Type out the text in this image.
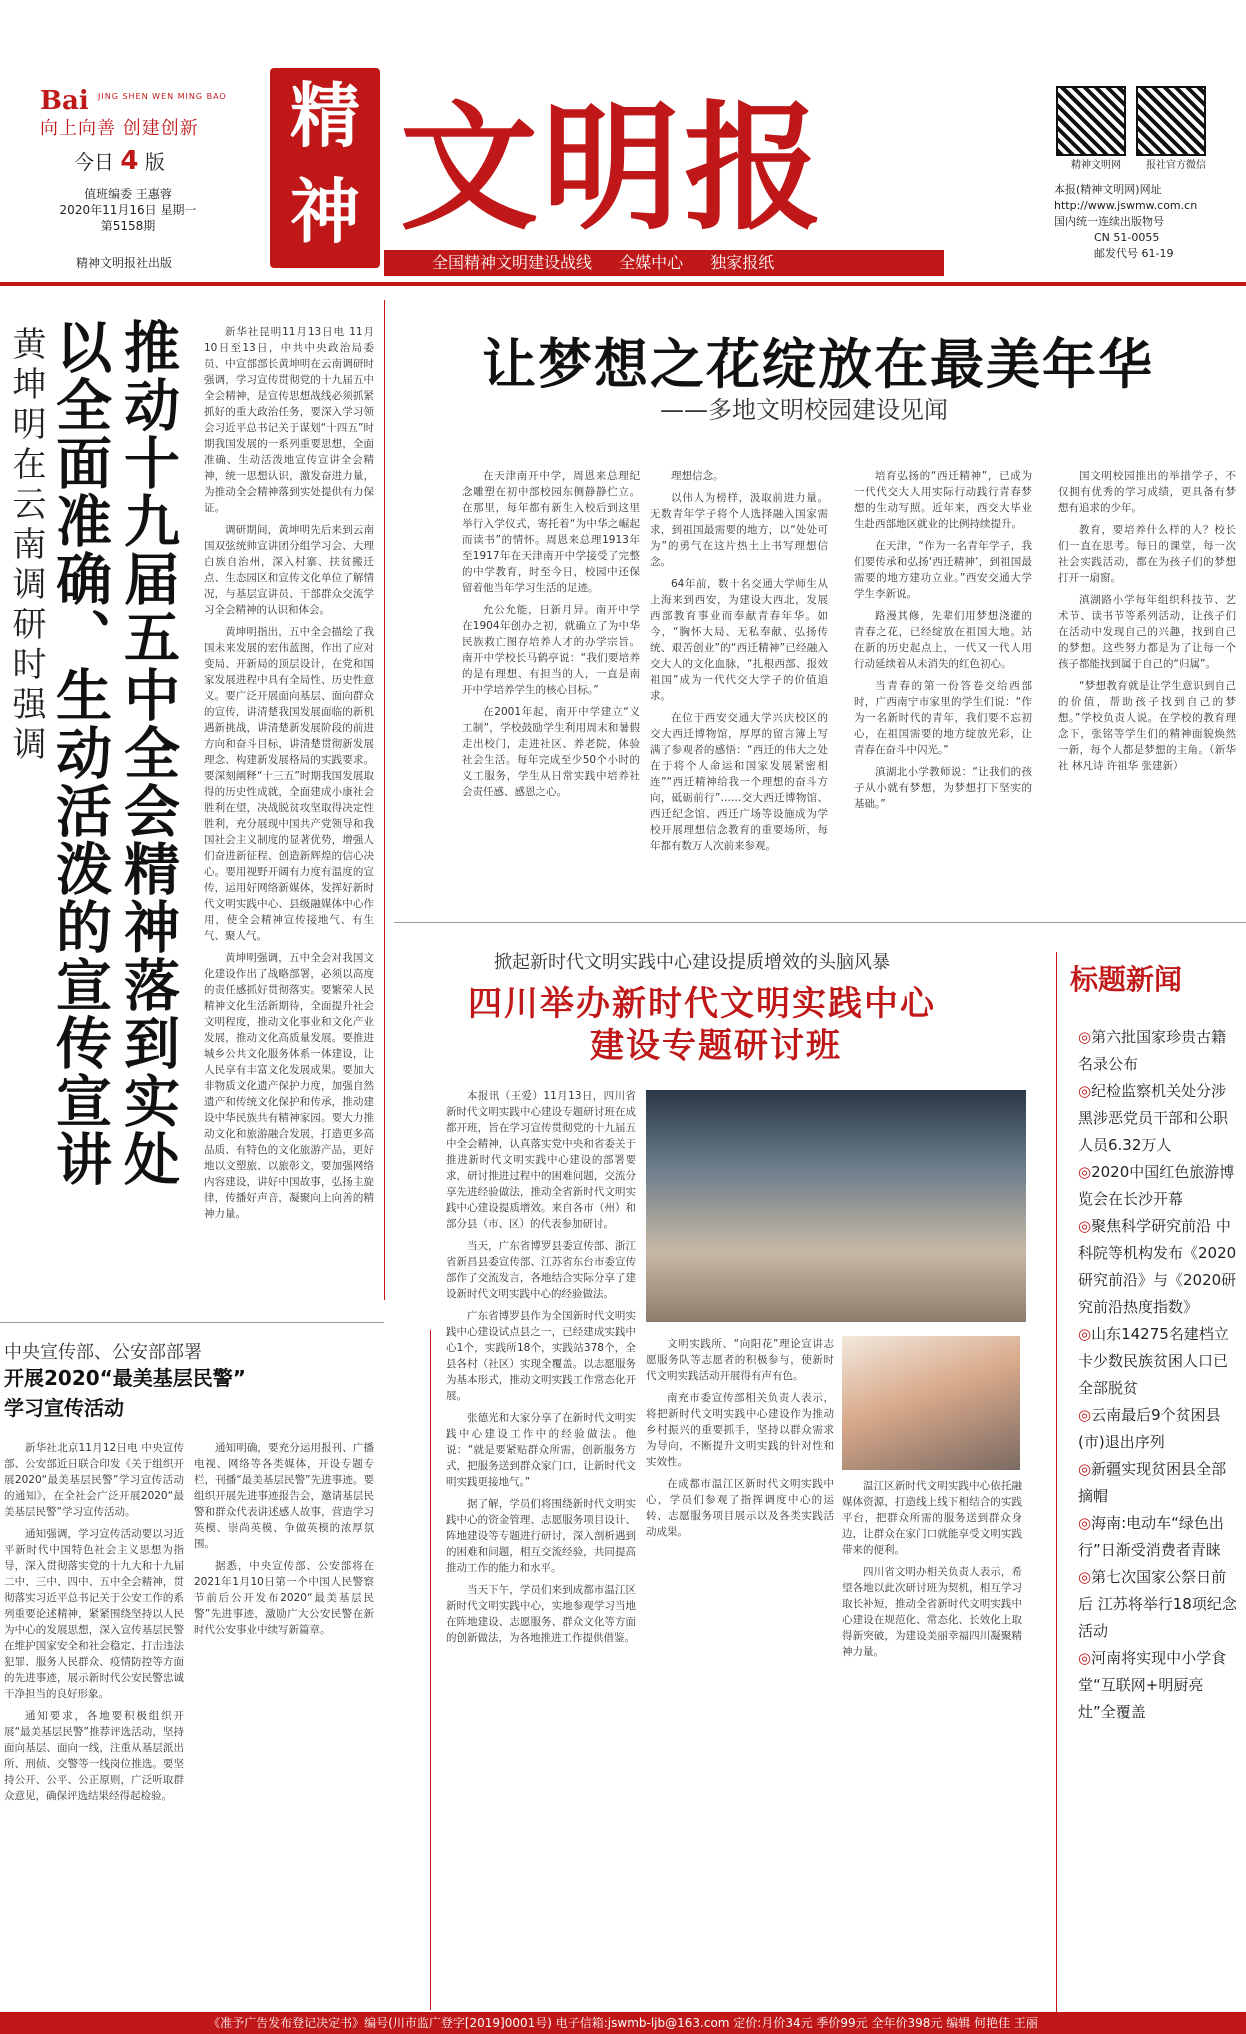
Bai JING SHEN WEN MING BAO
向上向善 创建创新
今日 4 版
值班编委 王惠蓉
2020年11月16日 星期一
第5158期
精神文明报社出版
精神 文明报	精神文明网	报社官方微信
本报(精神文明网)网址
http://www.jswmw.com.cn
国内统一连续出版物号
CN 51-0055
邮发代号 61-19
全国精神文明建设战线 全媒中心 独家报纸
黄坤明在云南调研时强调 推动十九届五中全会精神落到实处
以全面准确、生动活泼的宣传宣讲	新华社昆明11月13日电 11月10日至13日，中共中央政治局委员、中宣部部长黄坤明在云南调研时强调，学习宣传贯彻党的十九届五中全会精神，是宣传思想战线必须抓紧抓好的重大政治任务，要深入学习领会习近平总书记关于谋划“十四五”时期我国发展的一系列重要思想，全面准确、生动活泼地宣传宣讲全会精神，统一思想认识，激发奋进力量，为推动全会精神落到实处提供有力保证。

调研期间，黄坤明先后来到云南国双弦统帅宣讲团分组学习会、大理白族自治州，深入村寨、扶贫搬迁点、生态园区和宣传文化单位了解情况，与基层宣讲员、干部群众交流学习全会精神的认识和体会。

黄坤明指出，五中全会描绘了我国未来发展的宏伟蓝图，作出了应对变局、开新局的顶层设计，在党和国家发展进程中具有全局性、历史性意义。要广泛开展面向基层、面向群众的宣传，讲清楚我国发展面临的新机遇新挑战，讲清楚新发展阶段的前进方向和奋斗目标，讲清楚贯彻新发展理念、构建新发展格局的实践要求。要深刻阐释“十三五”时期我国发展取得的历史性成就，全面建成小康社会胜利在望，决战脱贫攻坚取得决定性胜利，充分展现中国共产党领导和我国社会主义制度的显著优势，增强人们奋进新征程、创造新辉煌的信心决心。要用视野开阔有力度有温度的宣传，运用好网络新媒体，发挥好新时代文明实践中心、县级融媒体中心作用，使全会精神宣传接地气、有生气、聚人气。

黄坤明强调，五中全会对我国文化建设作出了战略部署，必须以高度的责任感抓好贯彻落实。要繁荣人民精神文化生活新期待，全面提升社会文明程度，推动文化事业和文化产业发展，推动文化高质量发展。要推进城乡公共文化服务体系一体建设，让人民享有丰富文化发展成果。要加大非物质文化遗产保护力度，加强自然遗产和传统文化保护和传承，推动建设中华民族共有精神家园。要大力推动文化和旅游融合发展，打造更多高品质、有特色的文化旅游产品，更好地以文塑旅、以旅彰文，要加强网络内容建设，讲好中国故事，弘扬主旋律，传播好声音，凝聚向上向善的精神力量。

让梦想之花绽放在最美年华
——多地文明校园建设见闻

在天津南开中学，周恩来总理纪念雕塑在初中部校园东侧静静伫立。在那里，每年都有新生入校后到这里举行入学仪式，寄托着“为中华之崛起而读书”的情怀。周恩来总理1913年至1917年在天津南开中学接受了完整的中学教育，时至今日，校园中还保留着他当年学习生活的足迹。

允公允能，日新月异。南开中学在1904年创办之初，就确立了为中华民族救亡图存培养人才的办学宗旨。南开中学校长马鹤亭说：“我们要培养的是有理想、有担当的人，一直是南开中学培养学生的核心目标。”

在2001年起，南开中学建立“义工制”，学校鼓励学生利用周末和暑假走出校门，走进社区、养老院，体验社会生活。每年完成至少50个小时的义工服务，学生从日常实践中培养社会责任感、感恩之心。

理想信念。

以伟人为榜样，汲取前进力量。无数青年学子将个人选择融入国家需求，到祖国最需要的地方，以“处处可为”的勇气在这片热土上书写理想信念。

64年前，数十名交通大学师生从上海来到西安，为建设大西北，发展西部教育事业而奉献青春年华。如今，“胸怀大局、无私奉献、弘扬传统、艰苦创业”的“西迁精神”已经融入交大人的文化血脉，“扎根西部、报效祖国”成为一代代交大学子的价值追求。

在位于西安交通大学兴庆校区的交大西迁博物馆，厚厚的留言簿上写满了参观者的感悟：“西迁的伟大之处在于将个人命运和国家发展紧密相连”“西迁精神给我一个理想的奋斗方向，砥砺前行”……交大西迁博物馆、西迁纪念馆、西迁广场等设施成为学校开展理想信念教育的重要场所，每年都有数万人次前来参观。

培育弘扬的“西迁精神”，已成为一代代交大人用实际行动践行青春梦想的生动写照。近年来，西交大毕业生赴西部地区就业的比例持续提升。

在天津，“作为一名青年学子，我们要传承和弘扬‘西迁精神’，到祖国最需要的地方建功立业。”西安交通大学学生李新说。

路漫其修，先辈们用梦想浇灌的青春之花，已经绽放在祖国大地。站在新的历史起点上，一代又一代人用行动延续着从未消失的红色初心。

当青春的第一份答卷交给西部时，广西南宁市家里的学生们说：“作为一名新时代的青年，我们要不忘初心，在祖国需要的地方绽放光彩，让青春在奋斗中闪光。”

滇湖北小学教师说：“让我们的孩子从小就有梦想，为梦想打下坚实的基础。”

国文明校园推出的举措学子，不仅拥有优秀的学习成绩，更具备有梦想有追求的少年。

教育，要培养什么样的人？校长们一直在思考。每日的课堂，每一次社会实践活动，都在为孩子们的梦想打开一扇窗。

滇湖路小学每年组织科技节、艺术节、读书节等系列活动，让孩子们在活动中发现自己的兴趣，找到自己的梦想。这些努力都是为了让每一个孩子都能找到属于自己的“归属”。

“梦想教育就是让学生意识到自己的价值，帮助孩子找到自己的梦想。”学校负责人说。在学校的教育理念下，张铭等学生们的精神面貌焕然一新，每个人都是梦想的主角。（新华社 林凡诗 许祖华 张建新）

掀起新时代文明实践中心建设提质增效的头脑风暴
四川举办新时代文明实践中心
建设专题研讨班

本报讯（王爱）11月13日，四川省新时代文明实践中心建设专题研讨班在成都开班，旨在学习宣传贯彻党的十九届五中全会精神，认真落实党中央和省委关于推进新时代文明实践中心建设的部署要求，研讨推进过程中的困难问题，交流分享先进经验做法，推动全省新时代文明实践中心建设提质增效。来自各市（州）和部分县（市、区）的代表参加研讨。

当天，广东省博罗县委宣传部、浙江省新昌县委宣传部、江苏省东台市委宣传部作了交流发言，各地结合实际分享了建设新时代文明实践中心的经验做法。

广东省博罗县作为全国新时代文明实践中心建设试点县之一，已经建成实践中心1个，实践所18个，实践站378个，全县各村（社区）实现全覆盖。以志愿服务为基本形式，推动文明实践工作常态化开展。

张德光和大家分享了在新时代文明实践中心建设工作中的经验做法。他说：“就是要紧贴群众所需，创新服务方式，把服务送到群众家门口，让新时代文明实践更接地气。”

据了解，学员们将围绕新时代文明实践中心的资金管理、志愿服务项目设计、阵地建设等专题进行研讨，深入剖析遇到的困难和问题，相互交流经验，共同提高推动工作的能力和水平。

当天下午，学员们来到成都市温江区新时代文明实践中心，实地参观学习当地在阵地建设、志愿服务、群众文化等方面的创新做法，为各地推进工作提供借鉴。

文明实践所、“向阳花”理论宣讲志愿服务队等志愿者的积极参与，使新时代文明实践活动开展得有声有色。

南充市委宣传部相关负责人表示，将把新时代文明实践中心建设作为推动乡村振兴的重要抓手，坚持以群众需求为导向，不断提升文明实践的针对性和实效性。

在成都市温江区新时代文明实践中心，学员们参观了指挥调度中心的运转、志愿服务项目展示以及各类实践活动成果。

温江区新时代文明实践中心依托融媒体资源，打造线上线下相结合的实践平台，把群众所需的服务送到群众身边，让群众在家门口就能享受文明实践带来的便利。

四川省文明办相关负责人表示，希望各地以此次研讨班为契机，相互学习取长补短，推动全省新时代文明实践中心建设在规范化、常态化、长效化上取得新突破，为建设美丽幸福四川凝聚精神力量。

中央宣传部、公安部部署
开展2020“最美基层民警”
学习宣传活动

新华社北京11月12日电 中央宣传部、公安部近日联合印发《关于组织开展2020“最美基层民警”学习宣传活动的通知》，在全社会广泛开展2020“最美基层民警”学习宣传活动。

通知强调，学习宣传活动要以习近平新时代中国特色社会主义思想为指导，深入贯彻落实党的十九大和十九届二中、三中、四中、五中全会精神，贯彻落实习近平总书记关于公安工作的系列重要论述精神，紧紧围绕坚持以人民为中心的发展思想，深入宣传基层民警在维护国家安全和社会稳定、打击违法犯罪、服务人民群众、疫情防控等方面的先进事迹，展示新时代公安民警忠诚干净担当的良好形象。

通知要求，各地要积极组织开展“最美基层民警”推荐评选活动，坚持面向基层、面向一线，注重从基层派出所、刑侦、交警等一线岗位推选。要坚持公开、公平、公正原则，广泛听取群众意见，确保评选结果经得起检验。

通知明确，要充分运用报刊、广播电视、网络等各类媒体，开设专题专栏，刊播“最美基层民警”先进事迹。要组织开展先进事迹报告会，邀请基层民警和群众代表讲述感人故事，营造学习英模、崇尚英模、争做英模的浓厚氛围。

据悉，中央宣传部、公安部将在2021年1月10日第一个中国人民警察节前后公开发布2020“最美基层民警”先进事迹，激励广大公安民警在新时代公安事业中续写新篇章。

标题新闻
◎第六批国家珍贵古籍名录公布
◎纪检监察机关处分涉黑涉恶党员干部和公职人员6.32万人
◎2020中国红色旅游博览会在长沙开幕
◎聚焦科学研究前沿 中科院等机构发布《2020研究前沿》与《2020研究前沿热度指数》
◎山东14275名建档立卡少数民族贫困人口已全部脱贫
◎云南最后9个贫困县(市)退出序列
◎新疆实现贫困县全部摘帽
◎海南:电动车“绿色出行”日渐受消费者青睐
◎第七次国家公祭日前后 江苏将举行18项纪念活动
◎河南将实现中小学食堂“互联网+明厨亮灶”全覆盖
《准予广告发布登记决定书》编号(川市监广登字[2019]0001号) 电子信箱:jswmb-ljb@163.com 定价:月价34元 季价99元 全年价398元 编辑 何艳佳 王丽
